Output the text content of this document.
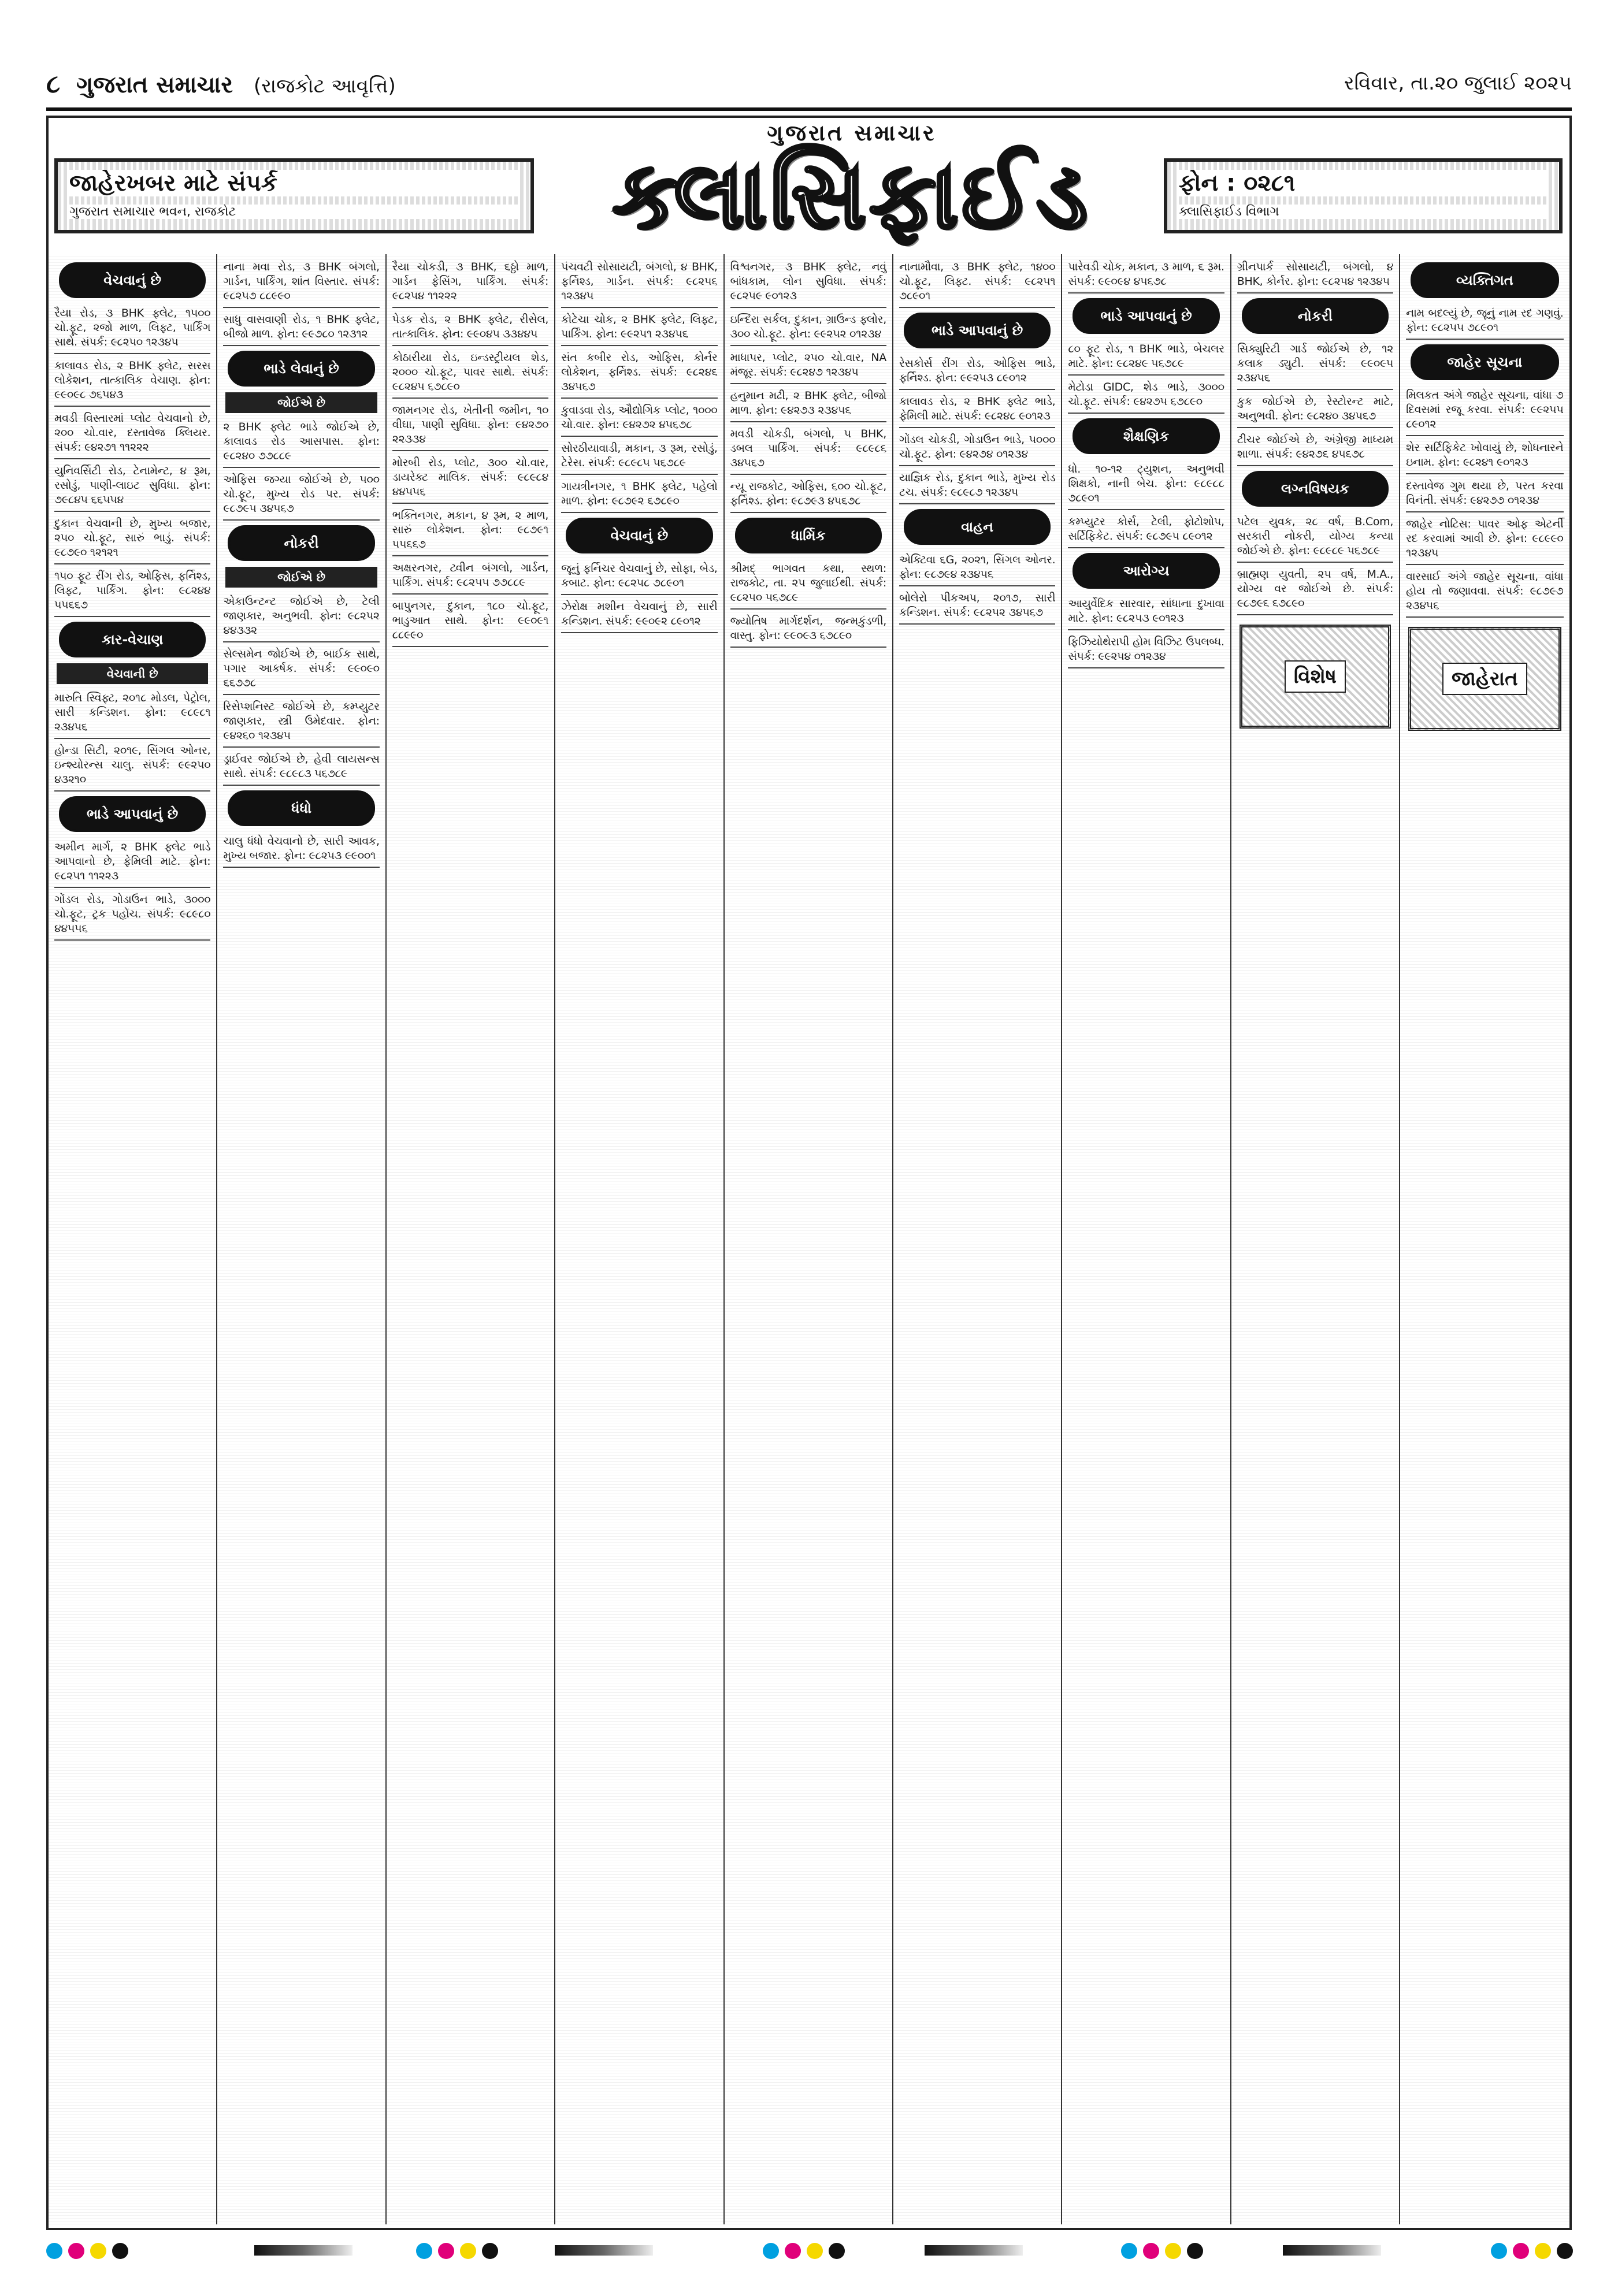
૮ ગુજરાત સમાચાર (રાજકોટ આવૃત્તિ)	રવિવાર, તા.૨૦ જુલાઈ ૨૦૨૫
જાહેરખબર માટે સંપર્ક
ગુજરાત સમાચાર ભવન, રાજકોટ
ગુજરાત સમાચાર
ક્લાસિફાઈડ	ફોન : ૦૨૮૧
ક્લાસિફાઈડ વિભાગ
વેચવાનું છે
રૈયા રોડ, ૩ BHK ફ્લેટ, ૧૫૦૦ ચો.ફૂટ, ૨જો માળ, લિફ્ટ, પાર્કિંગ સાથે. સંપર્ક: ૯૮૨૫૦ ૧૨૩૪૫
કાલાવડ રોડ, ૨ BHK ફ્લેટ, સરસ લોકેશન, તાત્કાલિક વેચાણ. ફોન: ૯૯૦૯૮ ૭૬૫૪૩
મવડી વિસ્તારમાં પ્લોટ વેચવાનો છે, ૨૦૦ ચો.વાર, દસ્તાવેજ ક્લિયર. સંપર્ક: ૯૪૨૭૧ ૧૧૨૨૨
યુનિવર્સિટી રોડ, ટેનામેન્ટ, ૪ રૂમ, રસોડું, પાણી-લાઇટ સુવિધા. ફોન: ૭૯૮૪૫ ૬૬૫૫૪
દુકાન વેચવાની છે, મુખ્ય બજાર, ૨૫૦ ચો.ફૂટ, સારું ભાડું. સંપર્ક: ૯૮૭૯૦ ૧૨૧૨૧
૧૫૦ ફૂટ રીંગ રોડ, ઓફિસ, ફર્નિશ્ડ, લિફ્ટ, પાર્કિંગ. ફોન: ૯૮૨૪૪ ૫૫૬૬૭
કાર-વેચાણ
વેચવાની છે
મારુતિ સ્વિફ્ટ, ૨૦૧૮ મોડલ, પેટ્રોલ, સારી કન્ડિશન. ફોન: ૯૮૯૮૧ ૨૩૪૫૬
હોન્ડા સિટી, ૨૦૧૯, સિંગલ ઓનર, ઇન્શ્યોરન્સ ચાલુ. સંપર્ક: ૯૯૨૫૦ ૪૩૨૧૦
ભાડે આપવાનું છે
અમીન માર્ગ, ૨ BHK ફ્લેટ ભાડે આપવાનો છે, ફેમિલી માટે. ફોન: ૯૮૨૫૧ ૧૧૨૨૩
ગોંડલ રોડ, ગોડાઉન ભાડે, ૩૦૦૦ ચો.ફૂટ, ટ્રક પહોંચ. સંપર્ક: ૯૮૯૮૦ ૪૪૫૫૬
નાના મવા રોડ, ૩ BHK બંગલો, ગાર્ડન, પાર્કિંગ, શાંત વિસ્તાર. સંપર્ક: ૯૮૨૫૭ ૮૮૯૯૦
સાધુ વાસવાણી રોડ, ૧ BHK ફ્લેટ, બીજો માળ. ફોન: ૯૯૭૮૦ ૧૨૩૧૨
ભાડે લેવાનું છે
જોઈએ છે
૨ BHK ફ્લેટ ભાડે જોઈએ છે, કાલાવડ રોડ આસપાસ. ફોન: ૯૮૨૪૦ ૭૭૮૮૯
ઓફિસ જગ્યા જોઈએ છે, ૫૦૦ ચો.ફૂટ, મુખ્ય રોડ પર. સંપર્ક: ૯૮૭૯૫ ૩૪૫૬૭
નોકરી
જોઈએ છે
એકાઉન્ટન્ટ જોઈએ છે, ટેલી જાણકાર, અનુભવી. ફોન: ૯૮૨૫૨ ૪૪૩૩૨
સેલ્સમેન જોઈએ છે, બાઈક સાથે, પગાર આકર્ષક. સંપર્ક: ૯૯૦૯૦ ૬૬૭૭૮
રિસેપ્શનિસ્ટ જોઈએ છે, કમ્પ્યુટર જાણકાર, સ્ત્રી ઉમેદવાર. ફોન: ૯૪૨૬૦ ૧૨૩૪૫
ડ્રાઈવર જોઈએ છે, હેવી લાયસન્સ સાથે. સંપર્ક: ૯૮૯૮૩ ૫૬૭૮૯
ધંધો
ચાલુ ધંધો વેચવાનો છે, સારી આવક, મુખ્ય બજાર. ફોન: ૯૮૨૫૩ ૯૯૦૦૧
રૈયા ચોકડી, ૩ BHK, ૬ઠ્ઠો માળ, ગાર્ડન ફેસિંગ, પાર્કિંગ. સંપર્ક: ૯૮૨૫૪ ૧૧૨૨૨
પેડક રોડ, ૨ BHK ફ્લેટ, રીસેલ, તાત્કાલિક. ફોન: ૯૯૦૪૫ ૩૩૪૪૫
કોઠારીયા રોડ, ઇન્ડસ્ટ્રીયલ શેડ, ૨૦૦૦ ચો.ફૂટ, પાવર સાથે. સંપર્ક: ૯૮૨૪૫ ૬૭૮૯૦
જામનગર રોડ, ખેતીની જમીન, ૧૦ વીઘા, પાણી સુવિધા. ફોન: ૯૪૨૭૦ ૨૨૩૩૪
મોરબી રોડ, પ્લોટ, ૩૦૦ ચો.વાર, ડાયરેક્ટ માલિક. સંપર્ક: ૯૮૯૮૪ ૪૪૫૫૬
ભક્તિનગર, મકાન, ૪ રૂમ, ૨ માળ, સારું લોકેશન. ફોન: ૯૮૭૯૧ ૫૫૬૬૭
અક્ષરનગર, ટ્વીન બંગલો, ગાર્ડન, પાર્કિંગ. સંપર્ક: ૯૮૨૫૫ ૭૭૮૮૯
બાપુનગર, દુકાન, ૧૮૦ ચો.ફૂટ, ભાડુઆત સાથે. ફોન: ૯૯૦૯૧ ૮૮૯૯૦
પંચવટી સોસાયટી, બંગલો, ૪ BHK, ફર્નિશ્ડ, ગાર્ડન. સંપર્ક: ૯૮૨૫૬ ૧૨૩૪૫
કોટેચા ચોક, ૨ BHK ફ્લેટ, લિફ્ટ, પાર્કિંગ. ફોન: ૯૯૨૫૧ ૨૩૪૫૬
સંત કબીર રોડ, ઓફિસ, કોર્નર લોકેશન, ફર્નિશ્ડ. સંપર્ક: ૯૮૨૪૬ ૩૪૫૬૭
કુવાડવા રોડ, ઔદ્યોગિક પ્લોટ, ૧૦૦૦ ચો.વાર. ફોન: ૯૪૨૭૨ ૪૫૬૭૮
સોરઠીયાવાડી, મકાન, ૩ રૂમ, રસોડું, ટેરેસ. સંપર્ક: ૯૮૯૮૫ ૫૬૭૮૯
ગાયત્રીનગર, ૧ BHK ફ્લેટ, પહેલો માળ. ફોન: ૯૮૭૯૨ ૬૭૮૯૦
વેચવાનું છે
જૂનું ફર્નિચર વેચવાનું છે, સોફા, બેડ, કબાટ. ફોન: ૯૮૨૫૮ ૭૮૯૦૧
ઝેરોક્ષ મશીન વેચવાનું છે, સારી કન્ડિશન. સંપર્ક: ૯૯૦૯૨ ૮૯૦૧૨
વિશ્વનગર, ૩ BHK ફ્લેટ, નવું બાંધકામ, લોન સુવિધા. સંપર્ક: ૯૮૨૫૯ ૯૦૧૨૩
ઇન્દિરા સર્કલ, દુકાન, ગ્રાઉન્ડ ફ્લોર, ૩૦૦ ચો.ફૂટ. ફોન: ૯૯૨૫૨ ૦૧૨૩૪
માધાપર, પ્લોટ, ૨૫૦ ચો.વાર, NA મંજૂર. સંપર્ક: ૯૮૨૪૭ ૧૨૩૪૫
હનુમાન મઢી, ૨ BHK ફ્લેટ, બીજો માળ. ફોન: ૯૪૨૭૩ ૨૩૪૫૬
મવડી ચોકડી, બંગલો, ૫ BHK, ડબલ પાર્કિંગ. સંપર્ક: ૯૮૯૮૬ ૩૪૫૬૭
ન્યૂ રાજકોટ, ઓફિસ, ૬૦૦ ચો.ફૂટ, ફર્નિશ્ડ. ફોન: ૯૮૭૯૩ ૪૫૬૭૮
ધાર્મિક
શ્રીમદ્ ભાગવત કથા, સ્થળ: રાજકોટ, તા. ૨૫ જુલાઈથી. સંપર્ક: ૯૮૨૫૦ ૫૬૭૮૯
જ્યોતિષ માર્ગદર્શન, જન્મકુંડળી, વાસ્તુ. ફોન: ૯૯૦૯૩ ૬૭૮૯૦
નાનામૌવા, ૩ BHK ફ્લેટ, ૧૪૦૦ ચો.ફૂટ, લિફ્ટ. સંપર્ક: ૯૮૨૫૧ ૭૮૯૦૧
ભાડે આપવાનું છે
રેસકોર્સ રીંગ રોડ, ઓફિસ ભાડે, ફર્નિશ્ડ. ફોન: ૯૯૨૫૩ ૮૯૦૧૨
કાલાવડ રોડ, ૨ BHK ફ્લેટ ભાડે, ફેમિલી માટે. સંપર્ક: ૯૮૨૪૮ ૯૦૧૨૩
ગોંડલ ચોકડી, ગોડાઉન ભાડે, ૫૦૦૦ ચો.ફૂટ. ફોન: ૯૪૨૭૪ ૦૧૨૩૪
યાજ્ઞિક રોડ, દુકાન ભાડે, મુખ્ય રોડ ટચ. સંપર્ક: ૯૮૯૮૭ ૧૨૩૪૫
વાહન
એક્ટિવા ૬G, ૨૦૨૧, સિંગલ ઓનર. ફોન: ૯૮૭૯૪ ૨૩૪૫૬
બોલેરો પીકઅપ, ૨૦૧૭, સારી કન્ડિશન. સંપર્ક: ૯૮૨૫૨ ૩૪૫૬૭
પારેવડી ચોક, મકાન, ૩ માળ, ૬ રૂમ. સંપર્ક: ૯૯૦૯૪ ૪૫૬૭૮
ભાડે આપવાનું છે
૮૦ ફૂટ રોડ, ૧ BHK ભાડે, બેચલર માટે. ફોન: ૯૮૨૪૯ ૫૬૭૮૯
મેટોડા GIDC, શેડ ભાડે, ૩૦૦૦ ચો.ફૂટ. સંપર્ક: ૯૪૨૭૫ ૬૭૮૯૦
શૈક્ષણિક
ધો. ૧૦-૧૨ ટ્યુશન, અનુભવી શિક્ષકો, નાની બેચ. ફોન: ૯૮૯૮૮ ૭૮૯૦૧
કમ્પ્યુટર કોર્સ, ટેલી, ફોટોશોપ, સર્ટિફિકેટ. સંપર્ક: ૯૮૭૯૫ ૮૯૦૧૨
આરોગ્ય
આયુર્વેદિક સારવાર, સાંધાના દુખાવા માટે. ફોન: ૯૮૨૫૩ ૯૦૧૨૩
ફિઝિયોથેરાપી હોમ વિઝિટ ઉપલબ્ધ. સંપર્ક: ૯૯૨૫૪ ૦૧૨૩૪
ગ્રીનપાર્ક સોસાયટી, બંગલો, ૪ BHK, કોર્નર. ફોન: ૯૮૨૫૪ ૧૨૩૪૫
નોકરી
સિક્યુરિટી ગાર્ડ જોઈએ છે, ૧૨ કલાક ડ્યુટી. સંપર્ક: ૯૯૦૯૫ ૨૩૪૫૬
કુક જોઈએ છે, રેસ્ટોરન્ટ માટે, અનુભવી. ફોન: ૯૮૨૪૦ ૩૪૫૬૭
ટીચર જોઈએ છે, અંગ્રેજી માધ્યમ શાળા. સંપર્ક: ૯૪૨૭૬ ૪૫૬૭૮
લગ્નવિષયક
પટેલ યુવક, ૨૮ વર્ષ, B.Com, સરકારી નોકરી, યોગ્ય કન્યા જોઈએ છે. ફોન: ૯૮૯૮૯ ૫૬૭૮૯
બ્રાહ્મણ યુવતી, ૨૫ વર્ષ, M.A., યોગ્ય વર જોઈએ છે. સંપર્ક: ૯૮૭૯૬ ૬૭૮૯૦
વિશેષ
વ્યક્તિગત
નામ બદલ્યું છે, જૂનું નામ રદ ગણવું. ફોન: ૯૮૨૫૫ ૭૮૯૦૧
જાહેર સૂચના
મિલકત અંગે જાહેર સૂચના, વાંધા ૭ દિવસમાં રજૂ કરવા. સંપર્ક: ૯૯૨૫૫ ૮૯૦૧૨
શેર સર્ટિફિકેટ ખોવાયું છે, શોધનારને ઇનામ. ફોન: ૯૮૨૪૧ ૯૦૧૨૩
દસ્તાવેજ ગુમ થયા છે, પરત કરવા વિનંતી. સંપર્ક: ૯૪૨૭૭ ૦૧૨૩૪
જાહેર નોટિસ: પાવર ઓફ એટર્ની રદ કરવામાં આવી છે. ફોન: ૯૮૯૯૦ ૧૨૩૪૫
વારસાઈ અંગે જાહેર સૂચના, વાંધા હોય તો જણાવવા. સંપર્ક: ૯૮૭૯૭ ૨૩૪૫૬
જાહેરાત
